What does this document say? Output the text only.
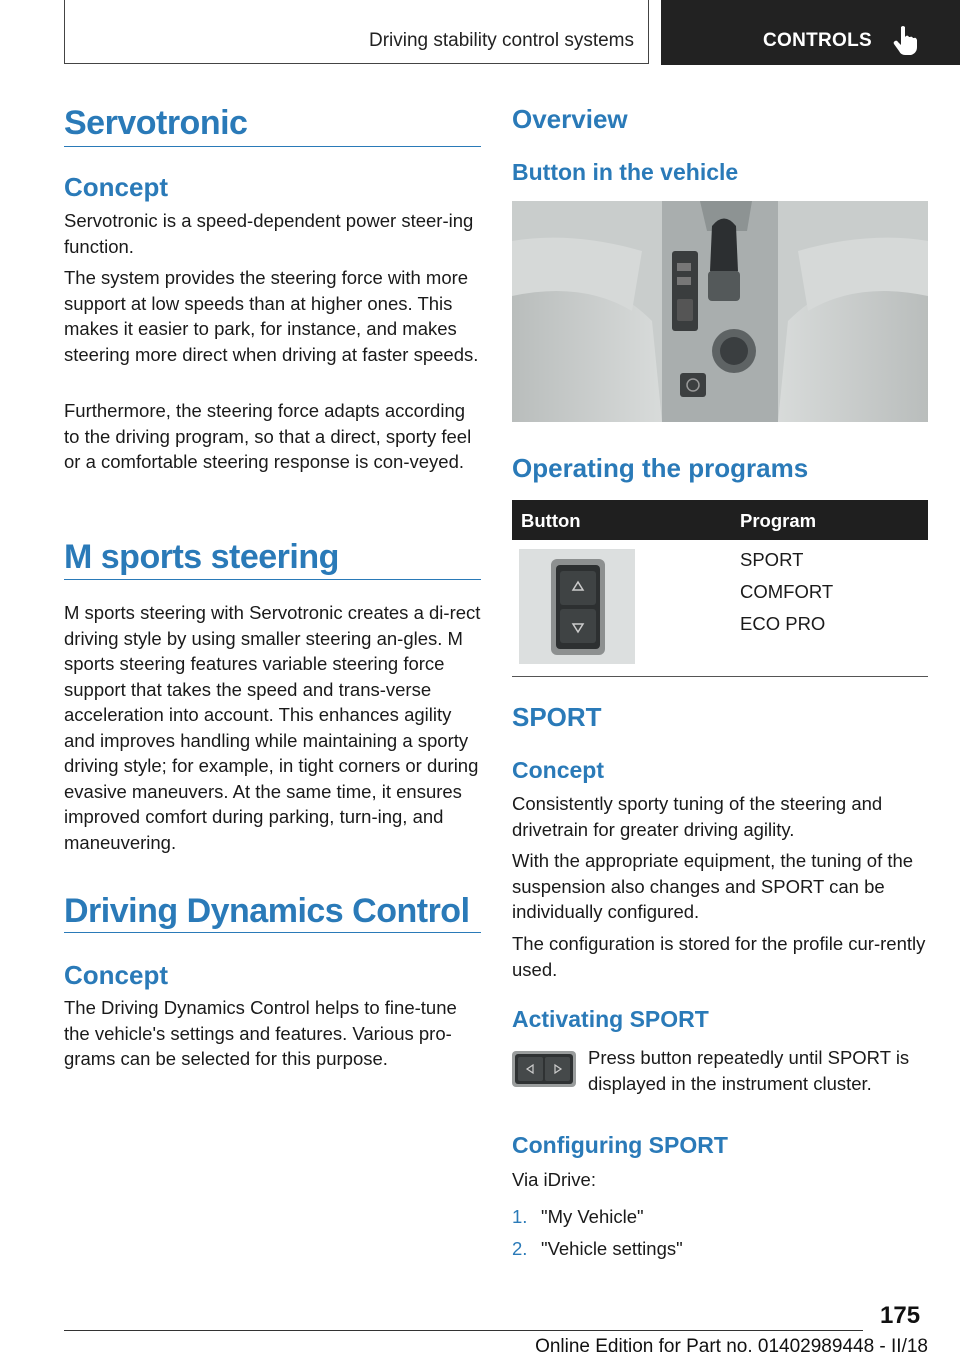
Driving stability control systems	CONTROLS
Servotronic
Concept

Servotronic is a speed-dependent power steer-ing function.

The system provides the steering force with more support at low speeds than at higher ones. This makes it easier to park, for instance, and makes steering more direct when driving at faster speeds.

Furthermore, the steering force adapts according to the driving program, so that a direct, sporty feel or a comfortable steering response is con-veyed.

M sports steering

M sports steering with Servotronic creates a di-rect driving style by using smaller steering an-gles. M sports steering features variable steering force support that takes the speed and trans-verse acceleration into account. This enhances agility and improves handling while maintaining a sporty driving style; for example, in tight corners or during evasive maneuvers. At the same time, it ensures improved comfort during parking, turn-ing, and maneuvering.

Driving Dynamics Control
Concept

The Driving Dynamics Control helps to fine-tune the vehicle's settings and features. Various pro-grams can be selected for this purpose.

Overview
Button in the vehicle
Operating the programs
Button	Program
SPORT
COMFORT
ECO PRO
SPORT
Concept

Consistently sporty tuning of the steering and drivetrain for greater driving agility.

With the appropriate equipment, the tuning of the suspension also changes and SPORT can be individually configured.

The configuration is stored for the profile cur-rently used.

Activating SPORT

Press button repeatedly until SPORT is displayed in the instrument cluster.

Configuring SPORT

Via iDrive:

1. "My Vehicle"
2. "Vehicle settings"
175
Online Edition for Part no. 01402989448 - II/18
